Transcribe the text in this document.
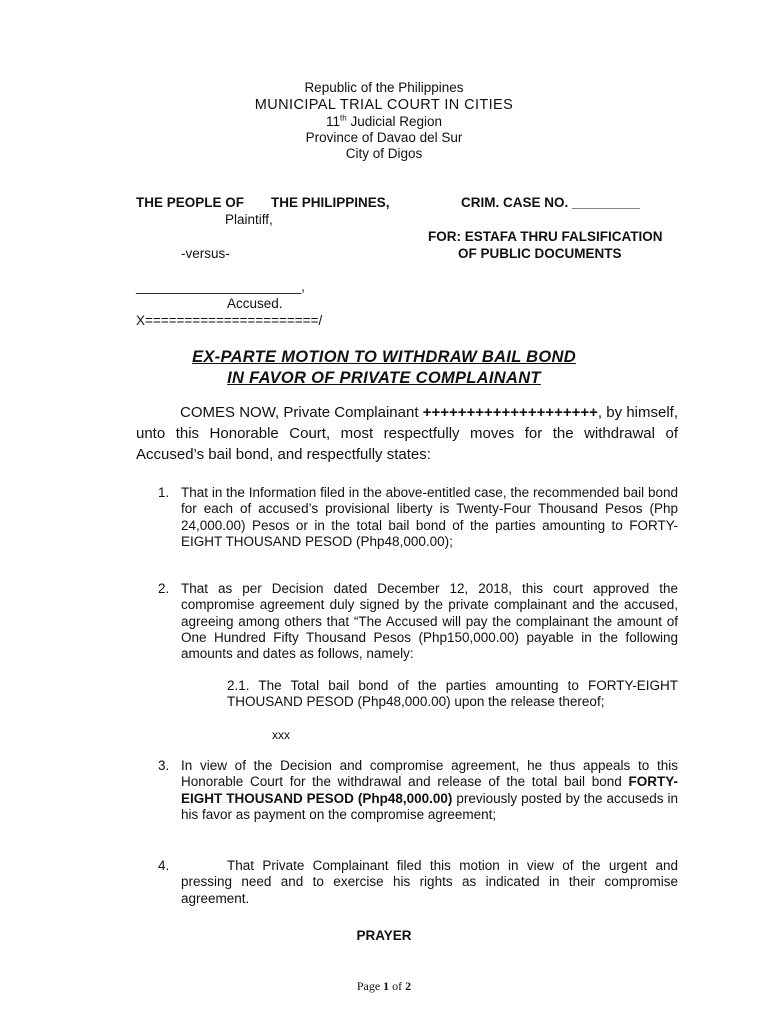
Republic of the Philippines
MUNICIPAL TRIAL COURT IN CITIES
11th Judicial Region
Province of Davao del Sur
City of Digos
THE PEOPLE OF THE PHILIPPINES,	CRIM. CASE NO. _________
Plaintiff,
FOR: ESTAFA THRU FALSIFICATION
-versus-	OF PUBLIC DOCUMENTS
______________________,
Accused.
X======================/
EX-PARTE MOTION TO WITHDRAW BAIL BOND
IN FAVOR OF PRIVATE COMPLAINANT
COMES NOW, Private Complainant ++++++++++++++++++++, by himself, unto this Honorable Court, most respectfully moves for the withdrawal of Accused’s bail bond, and respectfully states:
1. That in the Information filed in the above-entitled case, the recommended bail bond for each of accused’s provisional liberty is Twenty-Four Thousand Pesos (Php 24,000.00) Pesos or in the total bail bond of the parties amounting to FORTY-EIGHT THOUSAND PESOD (Php48,000.00);
2. That as per Decision dated December 12, 2018, this court approved the compromise agreement duly signed by the private complainant and the accused, agreeing among others that “The Accused will pay the complainant the amount of One Hundred Fifty Thousand Pesos (Php150,000.00) payable in the following amounts and dates as follows, namely:
2.1. The Total bail bond of the parties amounting to FORTY-EIGHT THOUSAND PESOD (Php48,000.00) upon the release thereof;
xxx
3. In view of the Decision and compromise agreement, he thus appeals to this Honorable Court for the withdrawal and release of the total bail bond FORTY-EIGHT THOUSAND PESOD (Php48,000.00) previously posted by the accuseds in his favor as payment on the compromise agreement;
4.	That Private Complainant filed this motion in view of the urgent and pressing need and to exercise his rights as indicated in their compromise agreement.
PRAYER
Page 1 of 2
